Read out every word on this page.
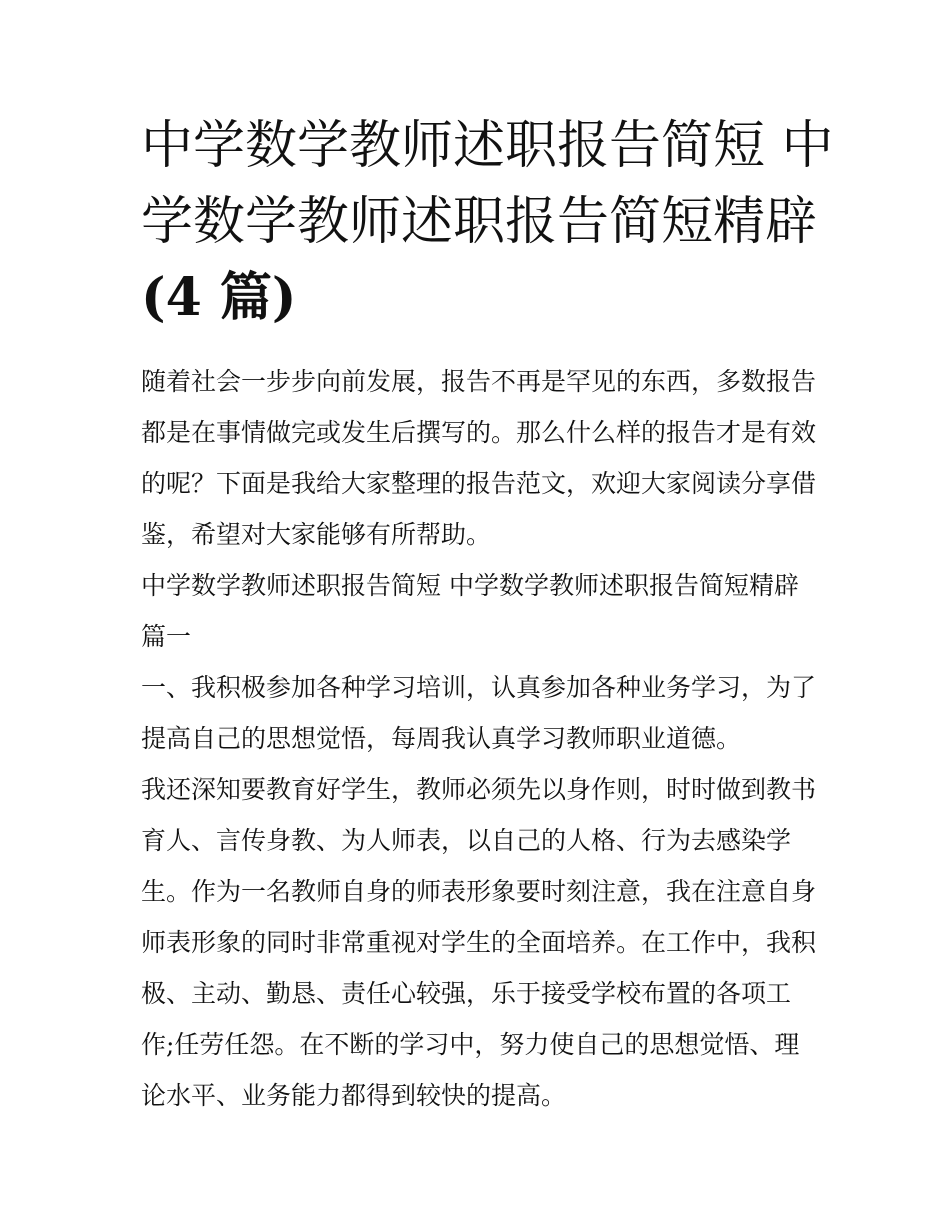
中学数学教师述职报告简短 中
学数学教师述职报告简短精辟
(4 篇)

随着社会一步步向前发展，报告不再是罕见的东西，多数报告
都是在事情做完或发生后撰写的。那么什么样的报告才是有效
的呢？下面是我给大家整理的报告范文，欢迎大家阅读分享借
鉴，希望对大家能够有所帮助。

中学数学教师述职报告简短 中学数学教师述职报告简短精辟
篇一

一、我积极参加各种学习培训，认真参加各种业务学习，为了
提高自己的思想觉悟，每周我认真学习教师职业道德。

我还深知要教育好学生，教师必须先以身作则，时时做到教书
育人、言传身教、为人师表，以自己的人格、行为去感染学
生。作为一名教师自身的师表形象要时刻注意，我在注意自身
师表形象的同时非常重视对学生的全面培养。在工作中，我积
极、主动、勤恳、责任心较强，乐于接受学校布置的各项工
作;任劳任怨。在不断的学习中，努力使自己的思想觉悟、理
论水平、业务能力都得到较快的提高。
